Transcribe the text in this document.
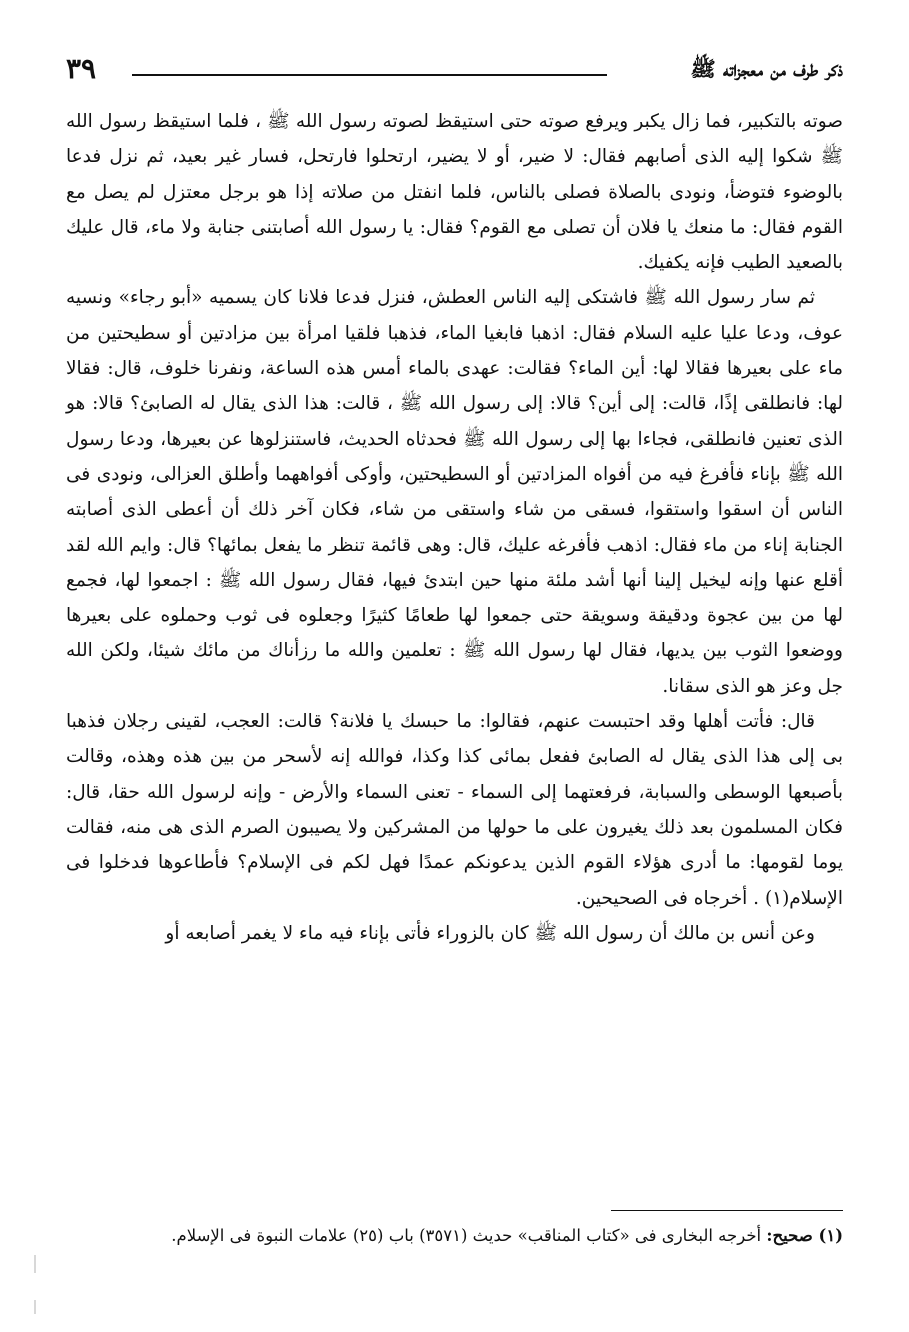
ذكر طرف من معجزاته ﷺ
٣٩

صوته بالتكبير، فما زال يكبر ويرفع صوته حتى استيقظ لصوته رسول الله ﷺ ، فلما استيقظ رسول الله ﷺ شكوا إليه الذى أصابهم فقال: لا ضير، أو لا يضير، ارتحلوا فارتحل، فسار غير بعيد، ثم نزل فدعا بالوضوء فتوضأ، ونودى بالصلاة فصلى بالناس، فلما انفتل من صلاته إذا هو برجل معتزل لم يصل مع القوم فقال: ما منعك يا فلان أن تصلى مع القوم؟ فقال: يا رسول الله أصابتنى جنابة ولا ماء، قال عليك بالصعيد الطيب فإنه يكفيك.

ثم سار رسول الله ﷺ فاشتكى إليه الناس العطش، فنزل فدعا فلانا كان يسميه «أبو رجاء» ونسيه عوف، ودعا عليا عليه السلام فقال: اذهبا فابغيا الماء، فذهبا فلقيا امرأة بين مزادتين أو سطيحتين من ماء على بعيرها فقالا لها: أين الماء؟ فقالت: عهدى بالماء أمس هذه الساعة، ونفرنا خلوف، قال: فقالا لها: فانطلقى إذًا، قالت: إلى أين؟ قالا: إلى رسول الله ﷺ ، قالت: هذا الذى يقال له الصابئ؟ قالا: هو الذى تعنين فانطلقى، فجاءا بها إلى رسول الله ﷺ فحدثاه الحديث، فاستنزلوها عن بعيرها، ودعا رسول الله ﷺ بإناء فأفرغ فيه من أفواه المزادتين أو السطيحتين، وأوكى أفواههما وأطلق العزالى، ونودى فى الناس أن اسقوا واستقوا، فسقى من شاء واستقى من شاء، فكان آخر ذلك أن أعطى الذى أصابته الجنابة إناء من ماء فقال: اذهب فأفرغه عليك، قال: وهى قائمة تنظر ما يفعل بمائها؟ قال: وايم الله لقد أقلع عنها وإنه ليخيل إلينا أنها أشد ملئة منها حين ابتدئ فيها، فقال رسول الله ﷺ : اجمعوا لها، فجمع لها من بين عجوة ودقيقة وسويقة حتى جمعوا لها طعامًا كثيرًا وجعلوه فى ثوب وحملوه على بعيرها ووضعوا الثوب بين يديها، فقال لها رسول الله ﷺ : تعلمين والله ما رزأناك من مائك شيئا، ولكن الله جل وعز هو الذى سقانا.

قال: فأتت أهلها وقد احتبست عنهم، فقالوا: ما حبسك يا فلانة؟ قالت: العجب، لقينى رجلان فذهبا بى إلى هذا الذى يقال له الصابئ ففعل بمائى كذا وكذا، فوالله إنه لأسحر من بين هذه وهذه، وقالت بأصبعها الوسطى والسبابة، فرفعتهما إلى السماء - تعنى السماء والأرض - وإنه لرسول الله حقا، قال: فكان المسلمون بعد ذلك يغيرون على ما حولها من المشركين ولا يصيبون الصرم الذى هى منه، فقالت يوما لقومها: ما أدرى هؤلاء القوم الذين يدعونكم عمدًا فهل لكم فى الإسلام؟ فأطاعوها فدخلوا فى الإسلام(١) . أخرجاه فى الصحيحين.

وعن أنس بن مالك أن رسول الله ﷺ كان بالزوراء فأتى بإناء فيه ماء لا يغمر أصابعه أو

(١) صحيح: أخرجه البخارى فى «كتاب المناقب» حديث (٣٥٧١) باب (٢٥) علامات النبوة فى الإسلام.
